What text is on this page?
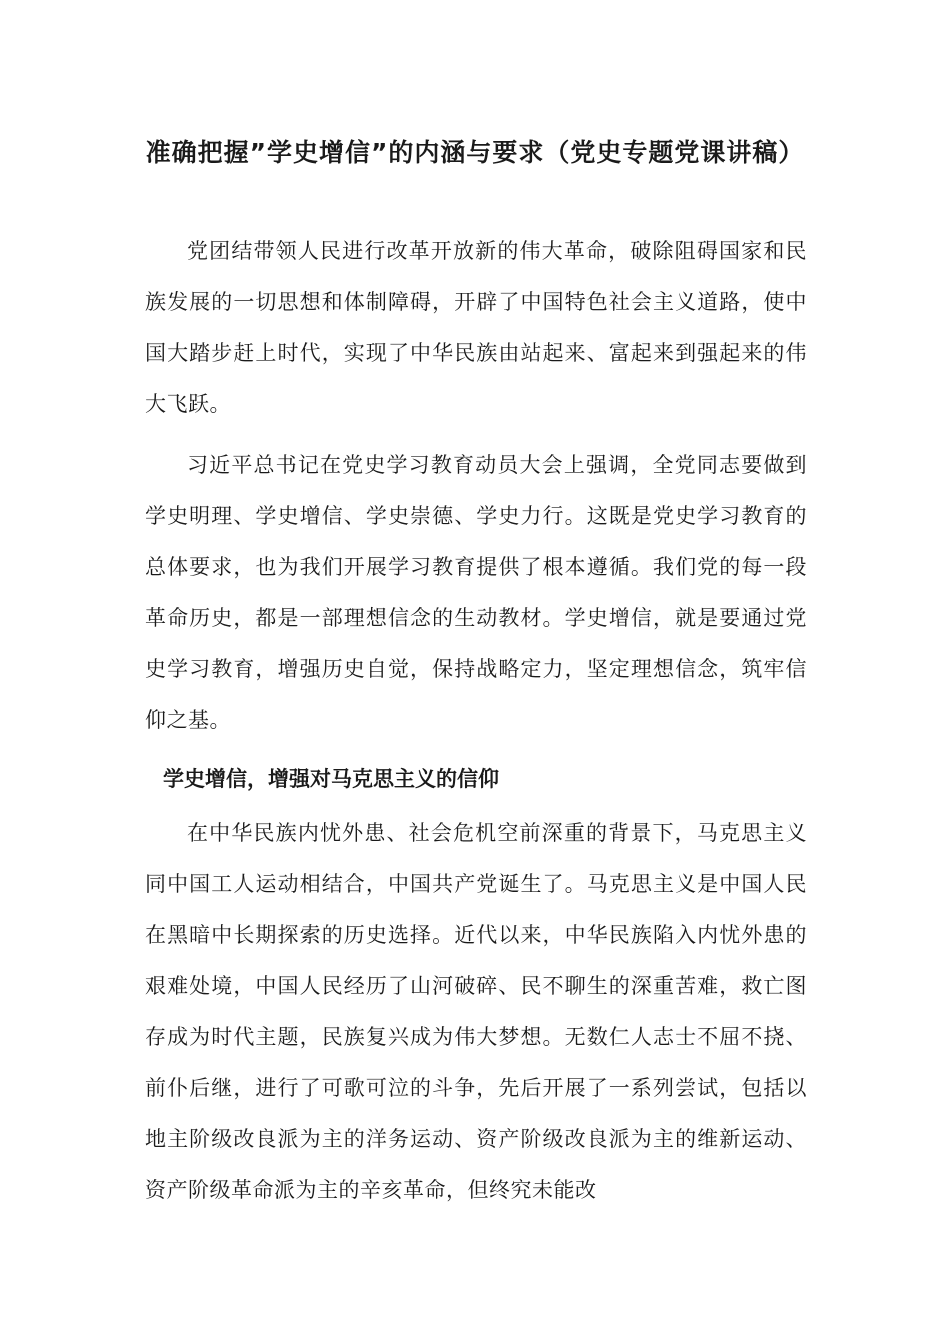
准确把握”学史增信”的内涵与要求（党史专题党课讲稿）

党团结带领人民进行改革开放新的伟大革命，破除阻碍国家和民族发展的一切思想和体制障碍，开辟了中国特色社会主义道路，使中国大踏步赶上时代，实现了中华民族由站起来、富起来到强起来的伟大飞跃。

习近平总书记在党史学习教育动员大会上强调，全党同志要做到学史明理、学史增信、学史崇德、学史力行。这既是党史学习教育的总体要求，也为我们开展学习教育提供了根本遵循。我们党的每一段革命历史，都是一部理想信念的生动教材。学史增信，就是要通过党史学习教育，增强历史自觉，保持战略定力，坚定理想信念，筑牢信仰之基。

学史增信，增强对马克思主义的信仰

在中华民族内忧外患、社会危机空前深重的背景下，马克思主义同中国工人运动相结合，中国共产党诞生了。马克思主义是中国人民在黑暗中长期探索的历史选择。近代以来，中华民族陷入内忧外患的艰难处境，中国人民经历了山河破碎、民不聊生的深重苦难，救亡图存成为时代主题，民族复兴成为伟大梦想。无数仁人志士不屈不挠、前仆后继，进行了可歌可泣的斗争，先后开展了一系列尝试，包括以地主阶级改良派为主的洋务运动、资产阶级改良派为主的维新运动、资产阶级革命派为主的辛亥革命，但终究未能改
